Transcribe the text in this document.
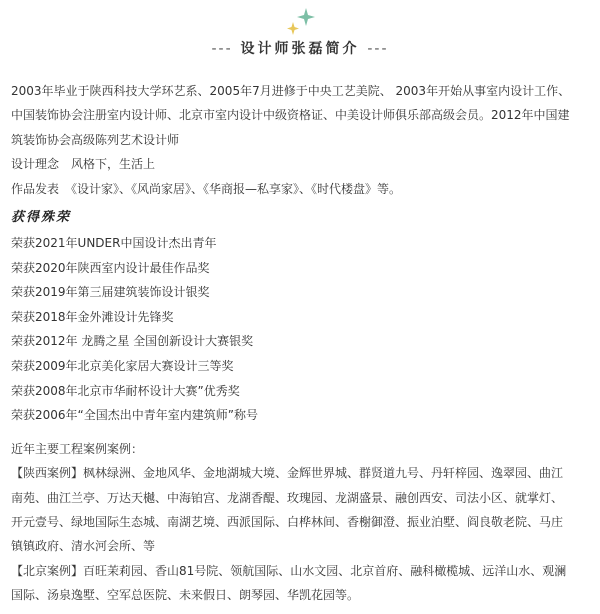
--- 设计师张磊简介 ---

2003年毕业于陕西科技大学环艺系、2005年7月进修于中央工艺美院、 2003年开始从事室内设计工作、

中国装饰协会注册室内设计师、北京市室内设计中级资格证、中美设计师俱乐部高级会员。2012年中国建

筑装饰协会高级陈列艺术设计师

设计理念　风格下，生活上

作品发表　《设计家》、《风尚家居》、《华商报—私享家》、《时代楼盘》等。

获得殊荣

荣获2021年UNDER中国设计杰出青年

荣获2020年陕西室内设计最佳作品奖

荣获2019年第三届建筑装饰设计银奖

荣获2018年金外滩设计先锋奖

荣获2012年 龙腾之星 全国创新设计大赛银奖

荣获2009年北京美化家居大赛设计三等奖

荣获2008年北京市华耐杯设计大赛”优秀奖

荣获2006年“全国杰出中青年室内建筑师”称号

近年主要工程案例案例：

【陕西案例】枫林绿洲、金地风华、金地湖城大境、金辉世界城、群贤道九号、丹轩梓园、逸翠园、曲江

南苑、曲江兰亭、万达天樾、中海铂宫、龙湖香醍、玫瑰园、龙湖盛景、融创西安、司法小区、就掌灯、

开元壹号、绿地国际生态城、南湖艺境、西派国际、白桦林间、香榭御澄、振业泊墅、阎良敬老院、马庄

镇镇政府、清水河会所、等

【北京案例】百旺茉莉园、香山81号院、领航国际、山水文园、北京首府、融科橄榄城、远洋山水、观澜

国际、汤泉逸墅、空军总医院、未来假日、朗琴园、华凯花园等。
